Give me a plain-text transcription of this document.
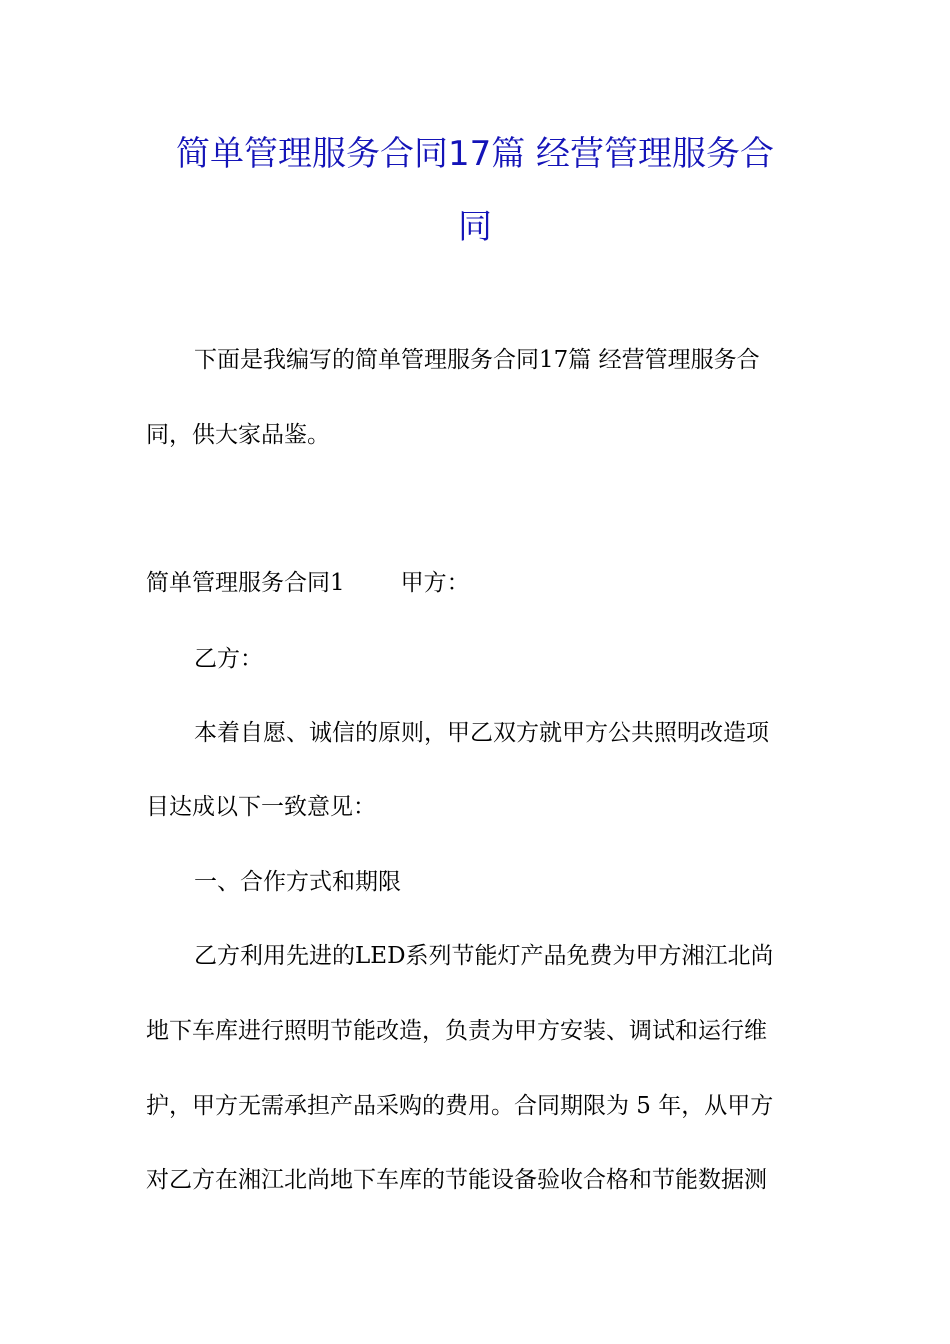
简单管理服务合同17篇 经营管理服务合
同
下面是我编写的简单管理服务合同17篇 经营管理服务合
同，供大家品鉴。
简单管理服务合同1 甲方：
乙方：
本着自愿、诚信的原则，甲乙双方就甲方公共照明改造项
目达成以下一致意见：
一、合作方式和期限
乙方利用先进的LED系列节能灯产品免费为甲方湘江北尚
地下车库进行照明节能改造，负责为甲方安装、调试和运行维
护，甲方无需承担产品采购的费用。合同期限为 5 年，从甲方
对乙方在湘江北尚地下车库的节能设备验收合格和节能数据测
